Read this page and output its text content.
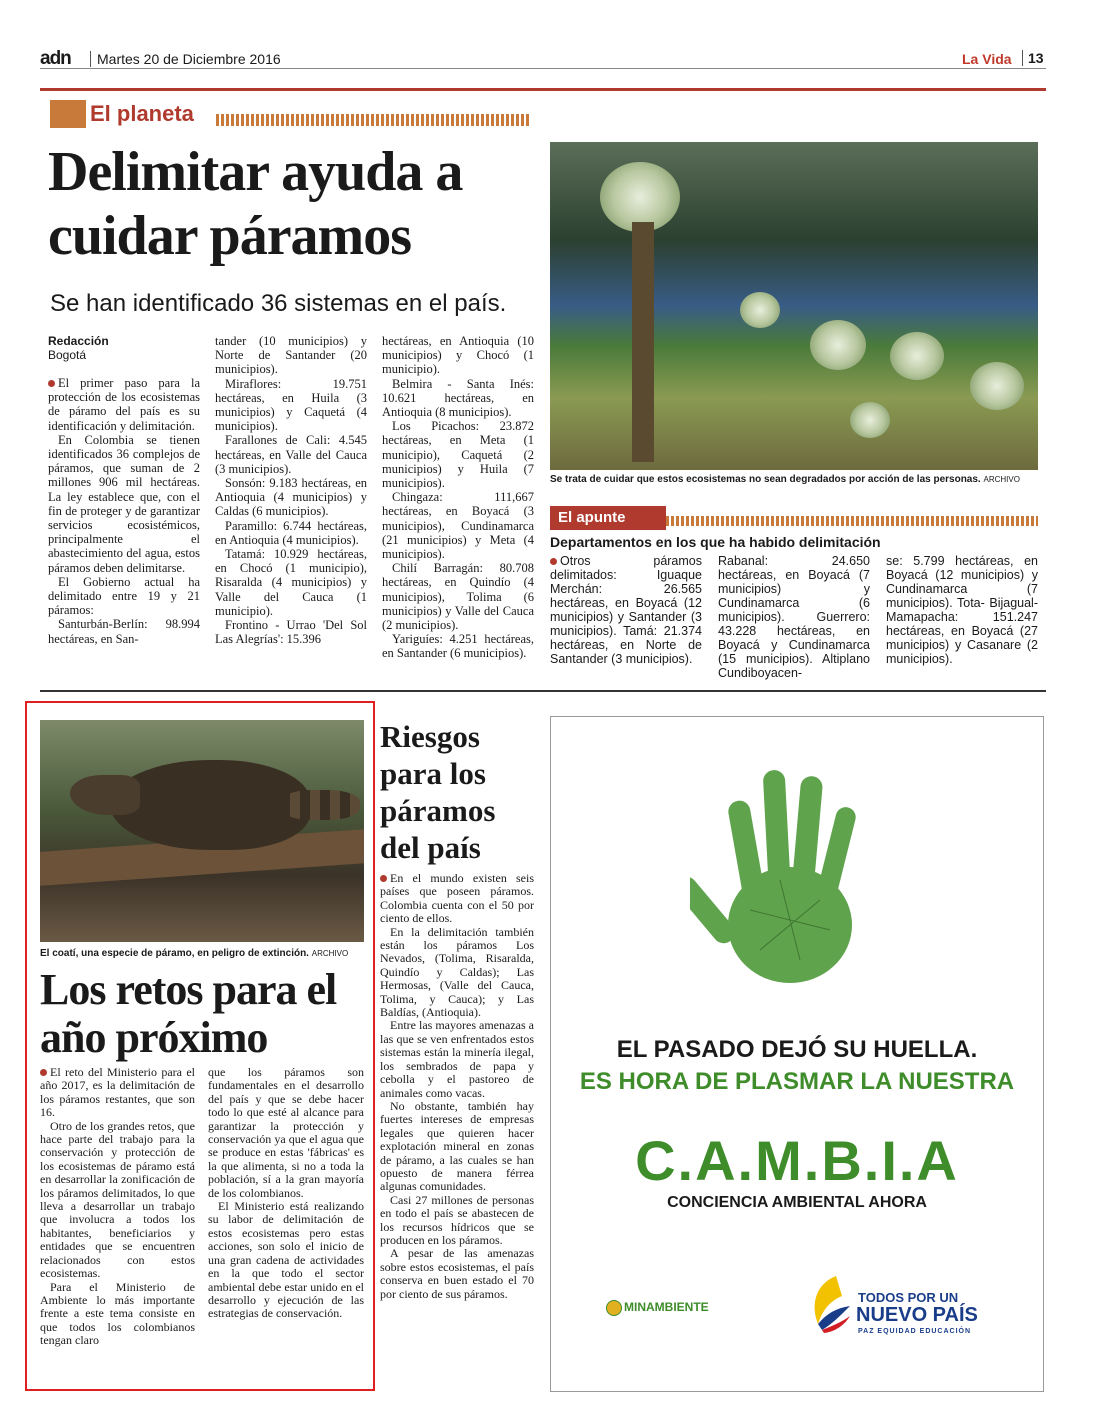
adn	Martes 20 de Diciembre 2016	La Vida	13
El planeta
Delimitar ayuda a cuidar páramos
Se han identificado 36 sistemas en el país.
Redacción
Bogotá

El primer paso para la protección de los ecosistemas de páramo del país es su identificación y delimitación.

En Colombia se tienen identificados 36 complejos de páramos, que suman de 2 millones 906 mil hectáreas. La ley establece que, con el fin de proteger y de garantizar servicios ecosistémicos, principalmente el abastecimiento del agua, estos páramos deben delimitarse.

El Gobierno actual ha delimitado entre 19 y 21 páramos:

Santurbán-Berlín: 98.994 hectáreas, en San-

tander (10 municipios) y Norte de Santander (20 municipios).

Miraflores: 19.751 hectáreas, en Huila (3 municipios) y Caquetá (4 municipios).

Farallones de Cali: 4.545 hectáreas, en Valle del Cauca (3 municipios).

Sonsón: 9.183 hectáreas, en Antioquia (4 municipios) y Caldas (6 municipios).

Paramillo: 6.744 hectáreas, en Antioquia (4 municipios).

Tatamá: 10.929 hectáreas, en Chocó (1 municipio), Risaralda (4 municipios) y Valle del Cauca (1 municipio).

Frontino - Urrao 'Del Sol Las Alegrías': 15.396

hectáreas, en Antioquia (10 municipios) y Chocó (1 municipio).

Belmira - Santa Inés: 10.621 hectáreas, en Antioquia (8 municipios).

Los Picachos: 23.872 hectáreas, en Meta (1 municipio), Caquetá (2 municipios) y Huila (7 municipios).

Chingaza: 111,667 hectáreas, en Boyacá (3 municipios), Cundinamarca (21 municipios) y Meta (4 municipios).

Chilí Barragán: 80.708 hectáreas, en Quindío (4 municipios), Tolima (6 municipios) y Valle del Cauca (2 municipios).

Yariguíes: 4.251 hectáreas, en Santander (6 municipios).

Se trata de cuidar que estos ecosistemas no sean degradados por acción de las personas. ARCHIVO
El apunte
Departamentos en los que ha habido delimitación
Otros páramos delimitados: Iguaque Merchán: 26.565 hectáreas, en Boyacá (12 municipios) y Santander (3 municipios). Tamá: 21.374 hectáreas, en Norte de Santander (3 municipios).
Rabanal: 24.650 hectáreas, en Boyacá (7 municipios) y Cundinamarca (6 municipios). Guerrero: 43.228 hectáreas, en Boyacá y Cundinamarca (15 municipios). Altiplano Cundiboyacen-
se: 5.799 hectáreas, en Boyacá (12 municipios) y Cundinamarca (7 municipios). Tota- Bijagual-Mamapacha: 151.247 hectáreas, en Boyacá (27 municipios) y Casanare (2 municipios).
El coatí, una especie de páramo, en peligro de extinción. ARCHIVO
Los retos para el año próximo

El reto del Ministerio para el año 2017, es la delimitación de los páramos restantes, que son 16.

Otro de los grandes retos, que hace parte del trabajo para la conservación y protección de los ecosistemas de páramo está en desarrollar la zonificación de los páramos delimitados, lo que lleva a desarrollar un trabajo que involucra a todos los habitantes, beneficiarios y entidades que se encuentren relacionados con estos ecosistemas.

Para el Ministerio de Ambiente lo más importante frente a este tema consiste en que todos los colombianos tengan claro

que los páramos son fundamentales en el desarrollo del país y que se debe hacer todo lo que esté al alcance para garantizar la protección y conservación ya que el agua que se produce en estas 'fábricas' es la que alimenta, si no a toda la población, sí a la gran mayoría de los colombianos.

El Ministerio está realizando su labor de delimitación de estos ecosistemas pero estas acciones, son solo el inicio de una gran cadena de actividades en la que todo el sector ambiental debe estar unido en el desarrollo y ejecución de las estrategias de conservación.

Riesgos para los páramos del país

En el mundo existen seis países que poseen páramos. Colombia cuenta con el 50 por ciento de ellos.

En la delimitación también están los páramos Los Nevados, (Tolima, Risaralda, Quindío y Caldas); Las Hermosas, (Valle del Cauca, Tolima, y Cauca); y Las Baldías, (Antioquia).

Entre las mayores amenazas a las que se ven enfrentados estos sistemas están la minería ilegal, los sembrados de papa y cebolla y el pastoreo de animales como vacas.

No obstante, también hay fuertes intereses de empresas legales que quieren hacer explotación mineral en zonas de páramo, a las cuales se han opuesto de manera férrea algunas comunidades.

Casi 27 millones de personas en todo el país se abastecen de los recursos hídricos que se producen en los páramos.

A pesar de las amenazas sobre estos ecosistemas, el país conserva en buen estado el 70 por ciento de sus páramos.

EL PASADO DEJÓ SU HUELLA.
ES HORA DE PLASMAR LA NUESTRA
C.A.M.B.I.A
CONCIENCIA AMBIENTAL AHORA
MINAMBIENTE
TODOS POR UN
NUEVO PAÍS
PAZ EQUIDAD EDUCACIÓN
